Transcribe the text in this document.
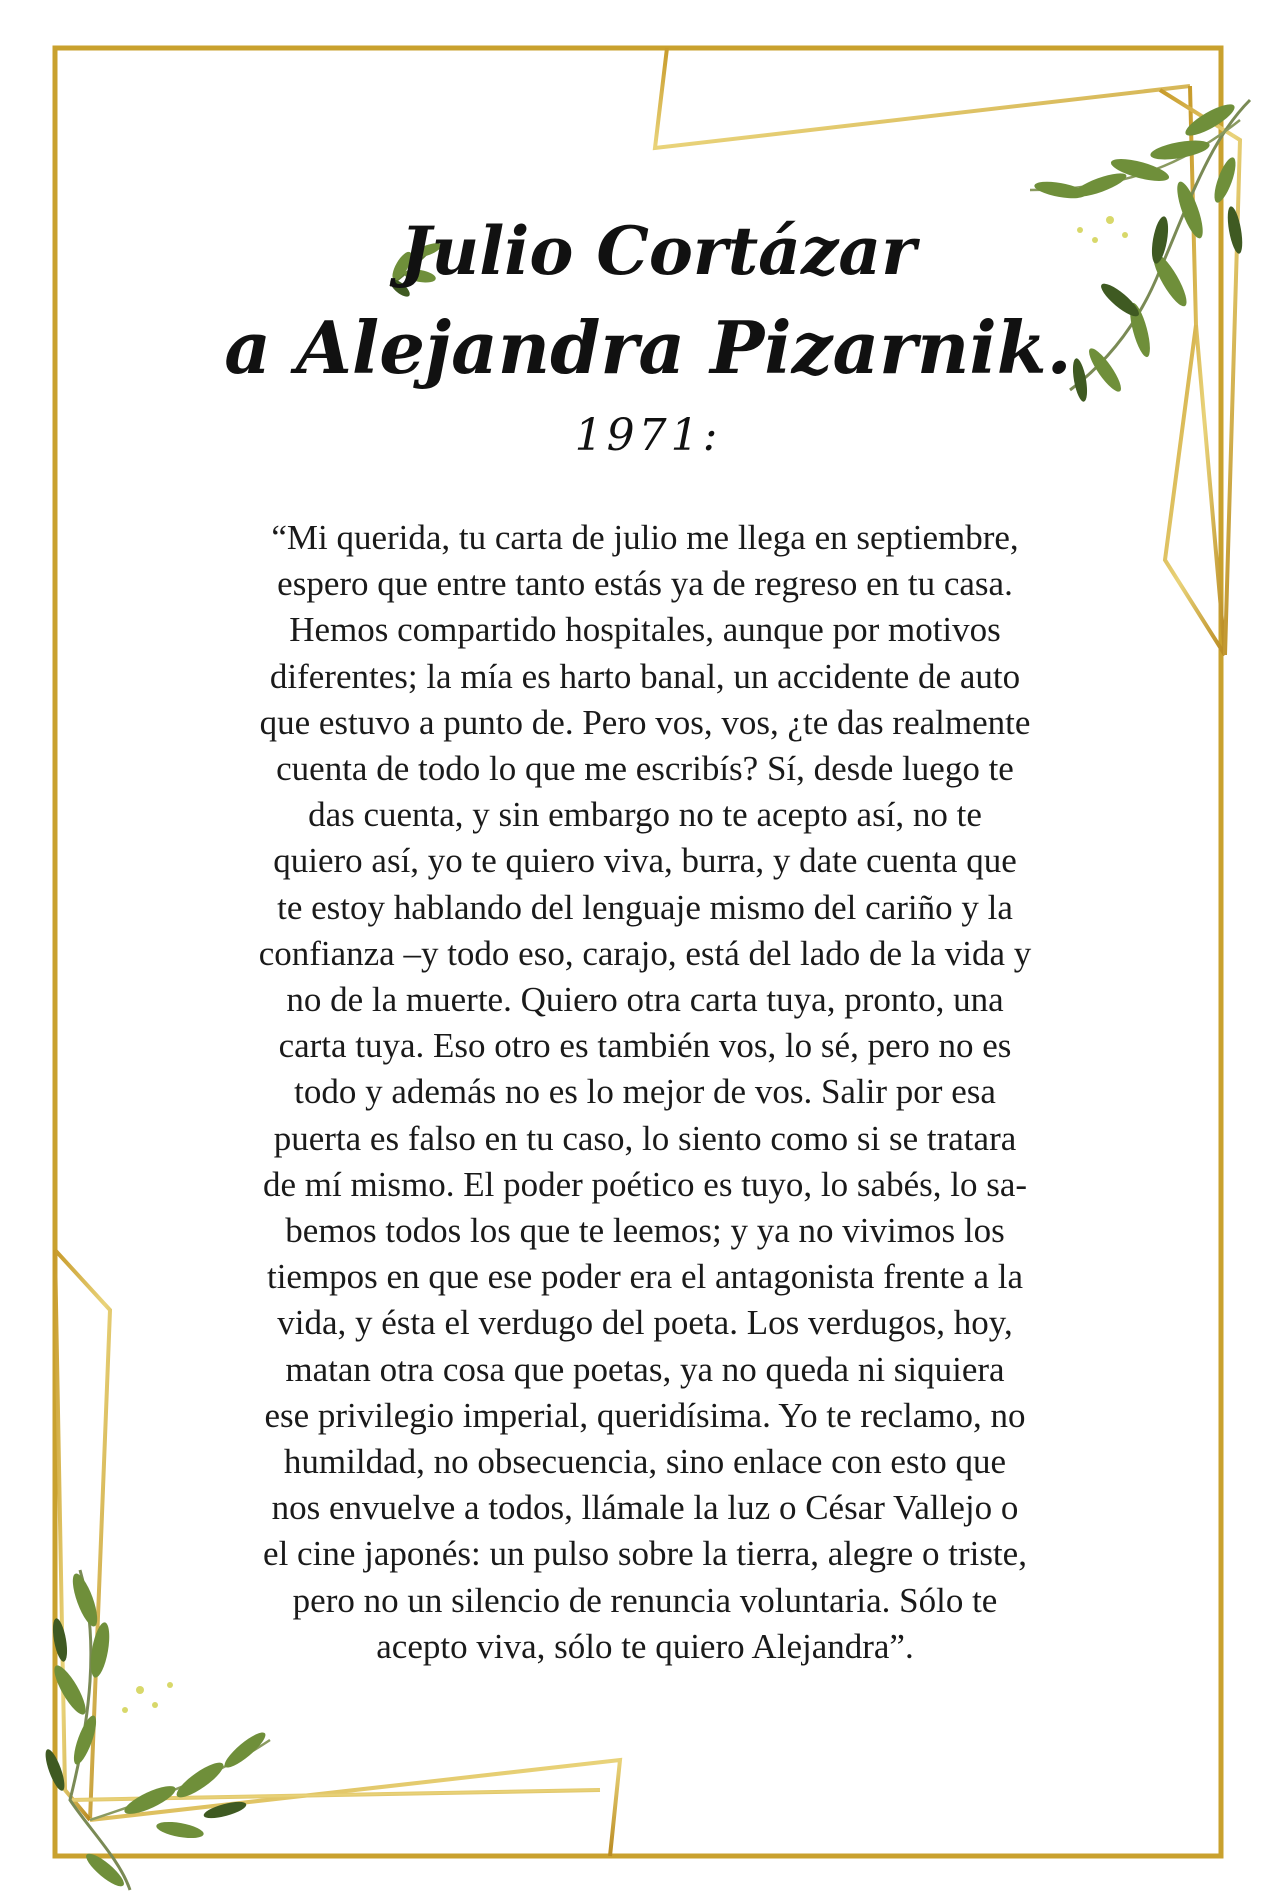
Julio Cortázar
a Alejandra Pizarnik.
1971:

“Mi querida, tu carta de julio me llega en septiembre,
espero que entre tanto estás ya de regreso en tu casa.
Hemos compartido hospitales, aunque por motivos
diferentes; la mía es harto banal, un accidente de auto
que estuvo a punto de. Pero vos, vos, ¿te das realmente
cuenta de todo lo que me escribís? Sí, desde luego te
das cuenta, y sin embargo no te acepto así, no te
quiero así, yo te quiero viva, burra, y date cuenta que
te estoy hablando del lenguaje mismo del cariño y la
confianza –y todo eso, carajo, está del lado de la vida y
no de la muerte. Quiero otra carta tuya, pronto, una
carta tuya. Eso otro es también vos, lo sé, pero no es
todo y además no es lo mejor de vos. Salir por esa
puerta es falso en tu caso, lo siento como si se tratara
de mí mismo. El poder poético es tuyo, lo sabés, lo sa-
bemos todos los que te leemos; y ya no vivimos los
tiempos en que ese poder era el antagonista frente a la
vida, y ésta el verdugo del poeta. Los verdugos, hoy,
matan otra cosa que poetas, ya no queda ni siquiera
ese privilegio imperial, queridísima. Yo te reclamo, no
humildad, no obsecuencia, sino enlace con esto que
nos envuelve a todos, llámale la luz o César Vallejo o
el cine japonés: un pulso sobre la tierra, alegre o triste,
pero no un silencio de renuncia voluntaria. Sólo te
acepto viva, sólo te quiero Alejandra”.
